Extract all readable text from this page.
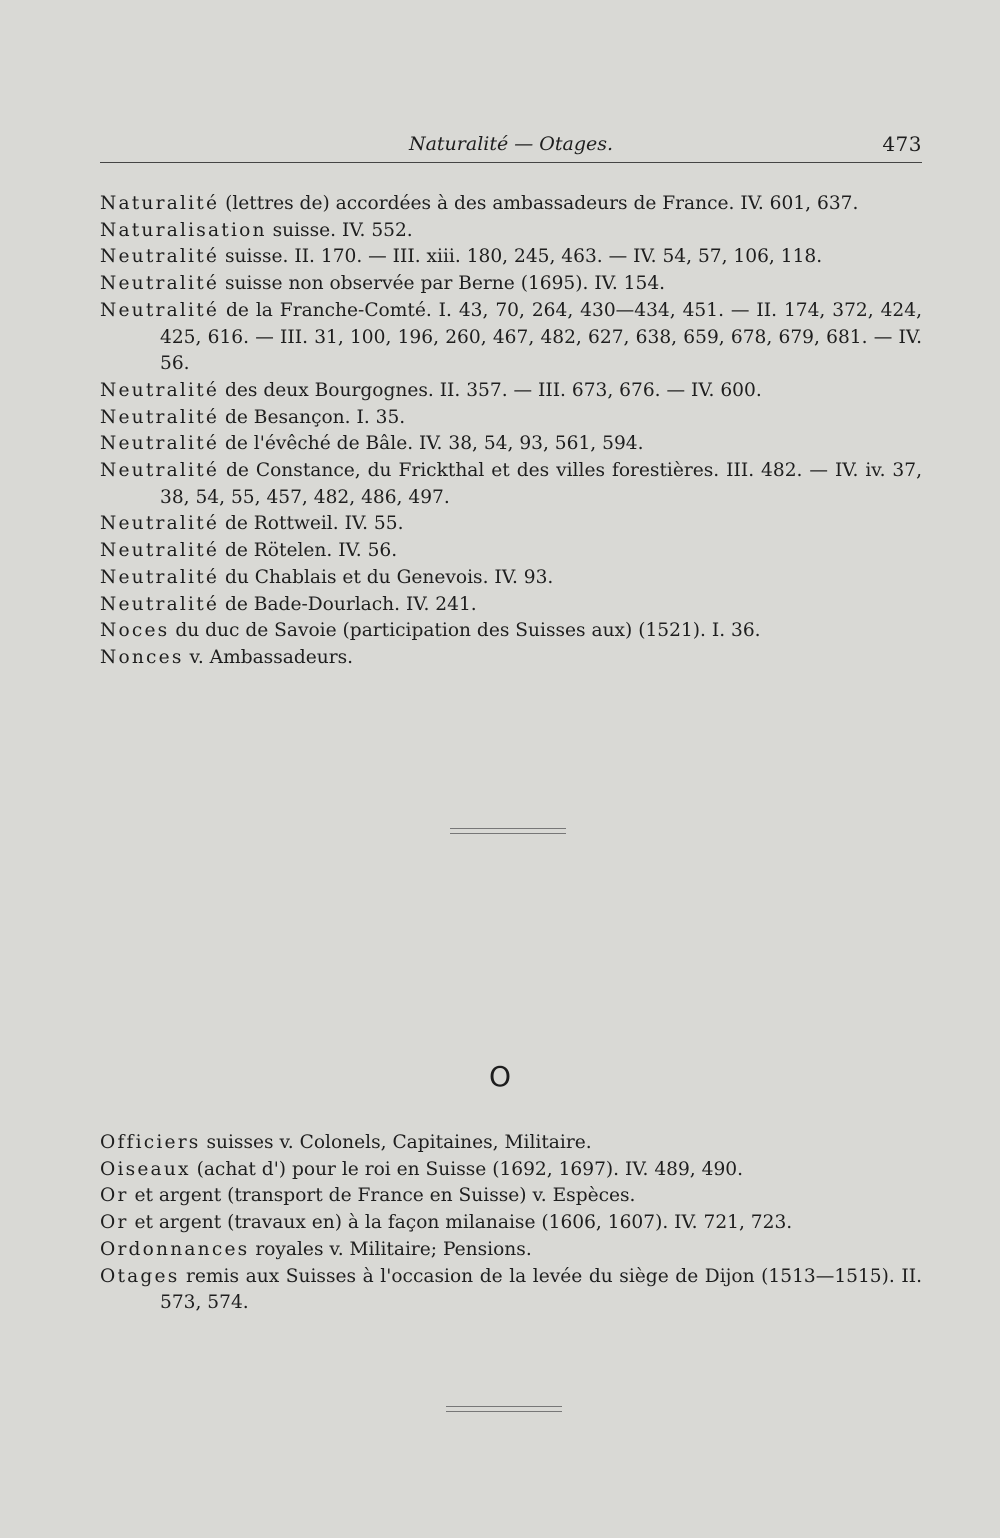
Naturalité — Otages.	473

Naturalité (lettres de) accordées à des ambassadeurs de France. IV. 601, 637.

Naturalisation suisse. IV. 552.

Neutralité suisse. II. 170. — III. xiii. 180, 245, 463. — IV. 54, 57, 106, 118.

Neutralité suisse non observée par Berne (1695). IV. 154.

Neutralité de la Franche-Comté. I. 43, 70, 264, 430—434, 451. — II. 174, 372, 424, 425, 616. — III. 31, 100, 196, 260, 467, 482, 627, 638, 659, 678, 679, 681. — IV. 56.

Neutralité des deux Bourgognes. II. 357. — III. 673, 676. — IV. 600.

Neutralité de Besançon. I. 35.

Neutralité de l'évêché de Bâle. IV. 38, 54, 93, 561, 594.

Neutralité de Constance, du Frickthal et des villes forestières. III. 482. — IV. iv. 37, 38, 54, 55, 457, 482, 486, 497.

Neutralité de Rottweil. IV. 55.

Neutralité de Rötelen. IV. 56.

Neutralité du Chablais et du Genevois. IV. 93.

Neutralité de Bade-Dourlach. IV. 241.

Noces du duc de Savoie (participation des Suisses aux) (1521). I. 36.

Nonces v. Ambassadeurs.

O

Officiers suisses v. Colonels, Capitaines, Militaire.

Oiseaux (achat d') pour le roi en Suisse (1692, 1697). IV. 489, 490.

Or et argent (transport de France en Suisse) v. Espèces.

Or et argent (travaux en) à la façon milanaise (1606, 1607). IV. 721, 723.

Ordonnances royales v. Militaire; Pensions.

Otages remis aux Suisses à l'occasion de la levée du siège de Dijon (1513—1515). II. 573, 574.
